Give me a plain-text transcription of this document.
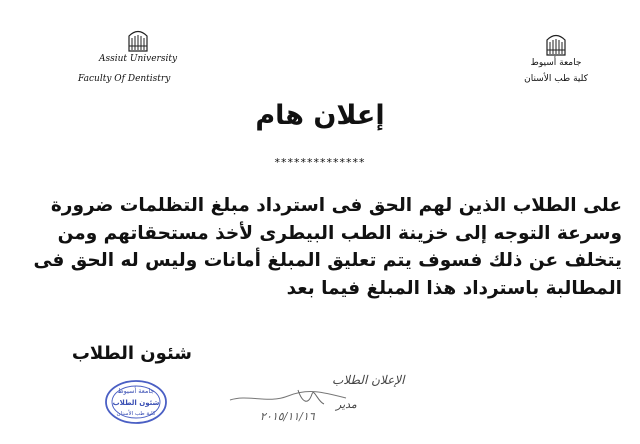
Assiut University
Faculty Of Dentistry
جامعة أسيوط
كلية طب الأسنان
إعلان هام
**************
على الطلاب الذين لهم الحق فى استرداد مبلغ التظلمات ضرورة
وسرعة التوجه إلى خزينة الطب البيطرى لأخذ مستحقاتهم ومن
يتخلف عن ذلك فسوف يتم تعليق المبلغ أمانات وليس له الحق فى
المطالبة باسترداد هذا المبلغ فيما بعد
شئون الطلاب
جامعة أسيوط
شئون الطلاب
كلية طب الأسنان
الإعلان الطلاب
مدير
٢٠١٥/١١/١٦
